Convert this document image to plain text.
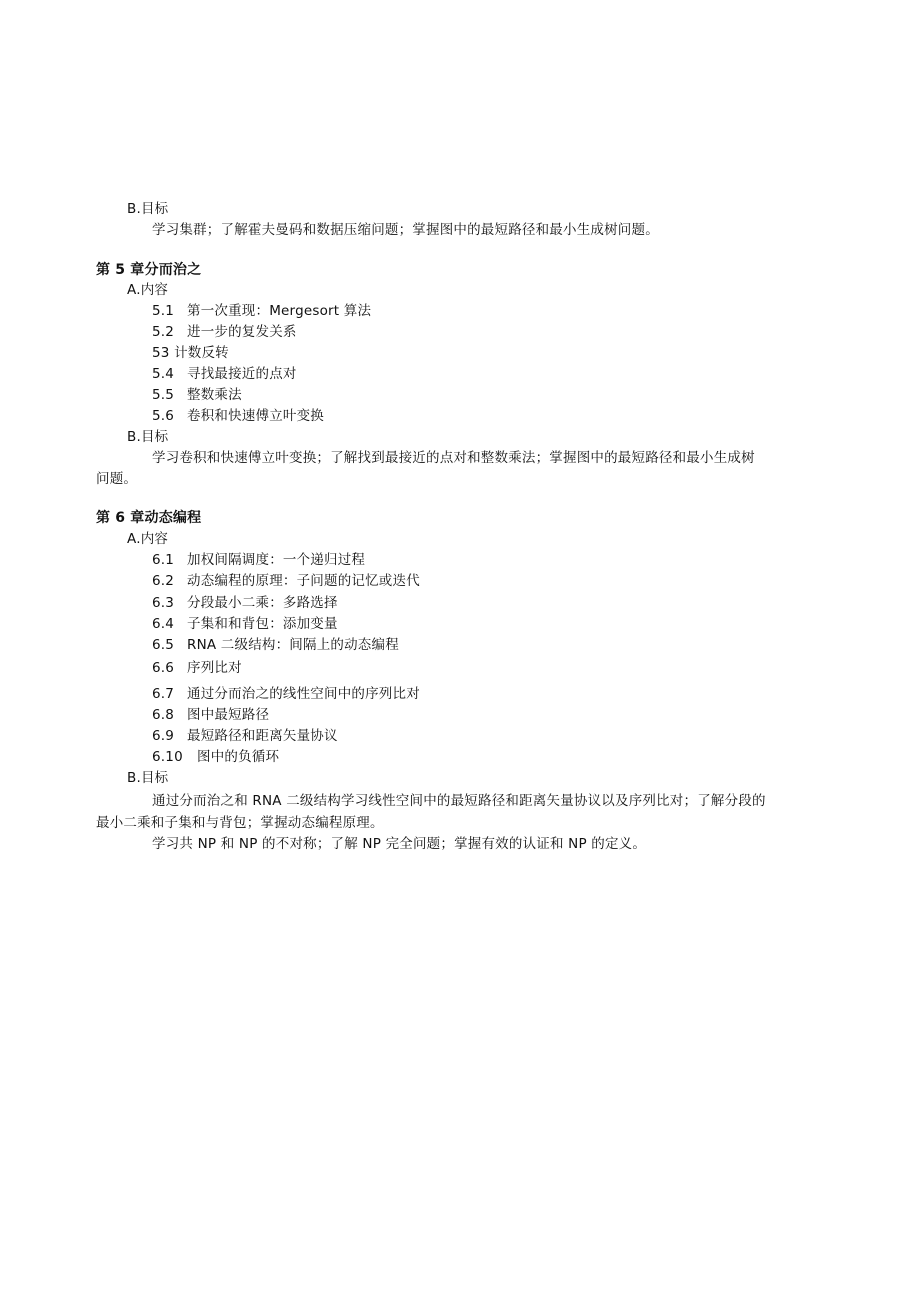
B.目标
学习集群；了解霍夫曼码和数据压缩问题；掌握图中的最短路径和最小生成树问题。
第 5 章分而治之
A.内容
5.1 第一次重现：Mergesort 算法
5.2 进一步的复发关系
53 计数反转
5.4 寻找最接近的点对
5.5 整数乘法
5.6 卷积和快速傅立叶变换
B.目标
学习卷积和快速傅立叶变换；了解找到最接近的点对和整数乘法；掌握图中的最短路径和最小生成树
问题。
第 6 章动态编程
A.内容
6.1 加权间隔调度：一个递归过程
6.2 动态编程的原理：子问题的记忆或迭代
6.3 分段最小二乘：多路选择
6.4 子集和和背包：添加变量
6.5 RNA 二级结构：间隔上的动态编程
6.6 序列比对
6.7 通过分而治之的线性空间中的序列比对
6.8 图中最短路径
6.9 最短路径和距离矢量协议
6.10 图中的负循环
B.目标
通过分而治之和 RNA 二级结构学习线性空间中的最短路径和距离矢量协议以及序列比对；了解分段的
最小二乘和子集和与背包；掌握动态编程原理。
学习共 NP 和 NP 的不对称；了解 NP 完全问题；掌握有效的认证和 NP 的定义。
